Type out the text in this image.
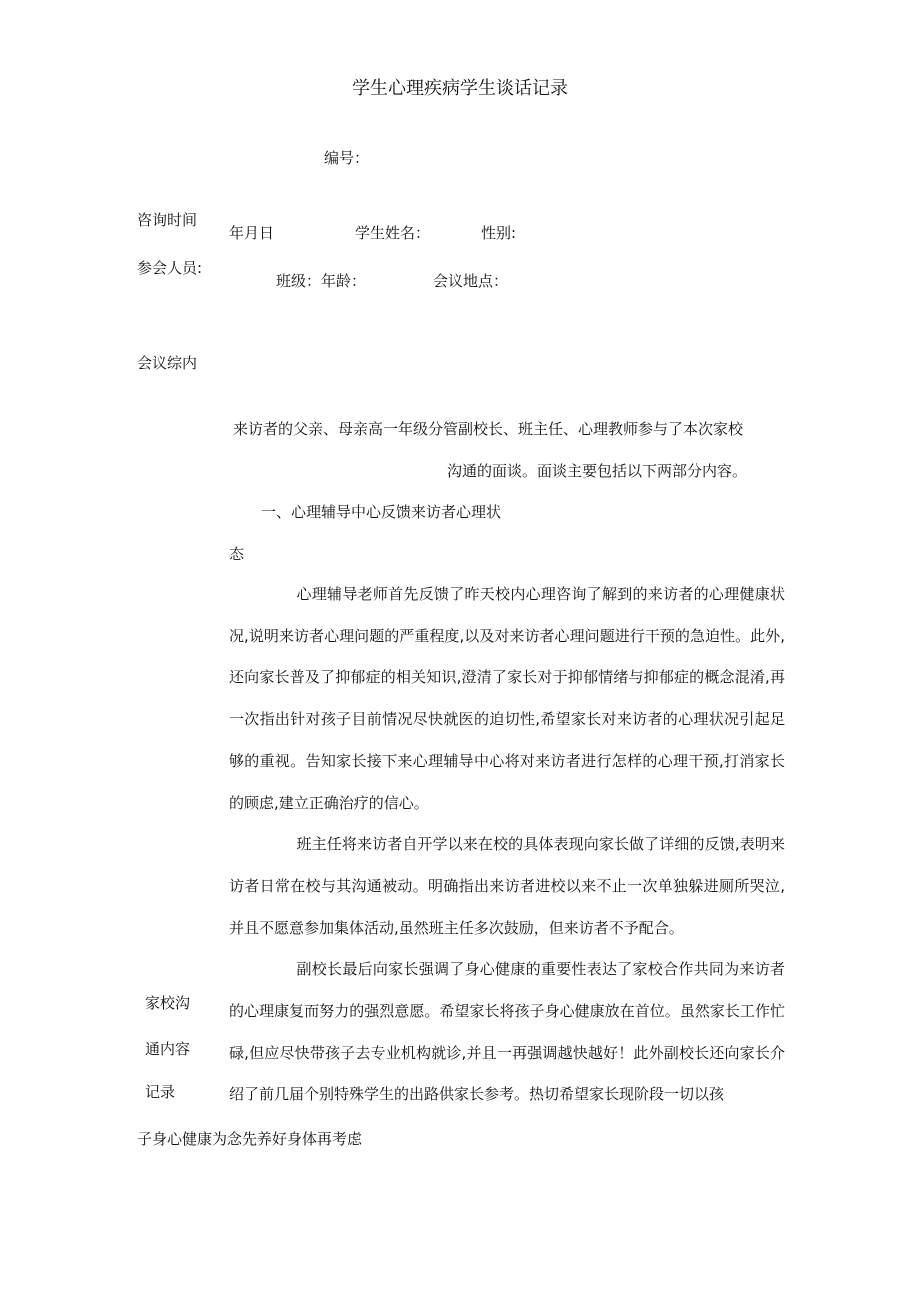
学生心理疾病学生谈话记录
编号：
咨询时间
年月日	学生姓名：	性别:
参会人员:
班级：年龄：	会议地点：
会议综内
来访者的父亲、母亲高一年级分管副校长、班主任、心理教师参与了本次家校
沟通的面谈。面谈主要包括以下两部分内容。
一、心理辅导中心反馈来访者心理状
态

心理辅导老师首先反馈了昨天校内心理咨询了解到的来访者的心理健康状况,说明来访者心理问题的严重程度,以及对来访者心理问题进行干预的急迫性。此外,还向家长普及了抑郁症的相关知识,澄清了家长对于抑郁情绪与抑郁症的概念混淆,再一次指出针对孩子目前情况尽快就医的迫切性,希望家长对来访者的心理状况引起足够的重视。告知家长接下来心理辅导中心将对来访者进行怎样的心理干预,打消家长的顾虑,建立正确治疗的信心。

班主任将来访者自开学以来在校的具体表现向家长做了详细的反馈,表明来访者日常在校与其沟通被动。明确指出来访者进校以来不止一次单独躲进厕所哭泣,并且不愿意参加集体活动,虽然班主任多次鼓励，但来访者不予配合。

副校长最后向家长强调了身心健康的重要性表达了家校合作共同为来访者的心理康复而努力的强烈意愿。希望家长将孩子身心健康放在首位。虽然家长工作忙碌,但应尽快带孩子去专业机构就诊,并且一再强调越快越好！此外副校长还向家长介绍了前几届个别特殊学生的出路供家长参考。热切希望家长现阶段一切以孩

家校沟
通内容
记录
子身心健康为念先养好身体再考虑
